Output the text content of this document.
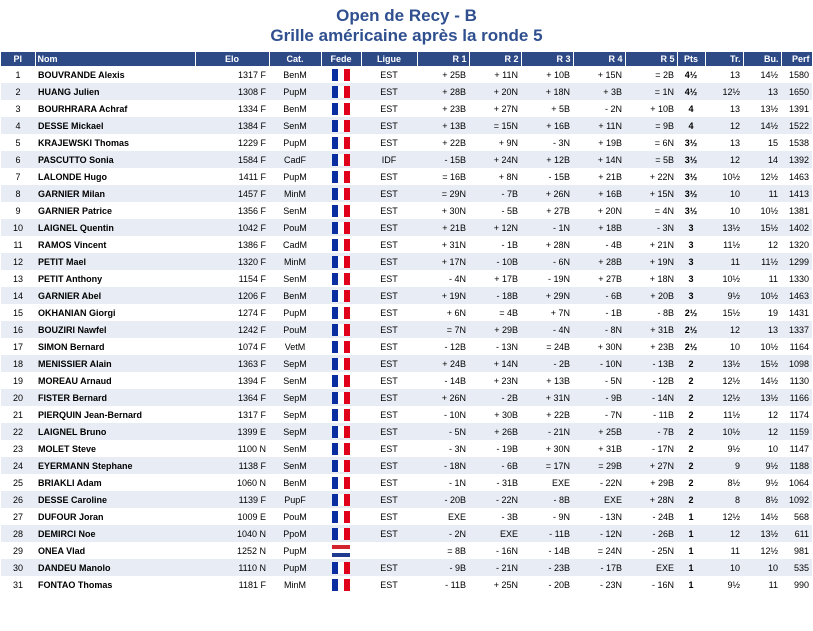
Open de Recy - B
Grille américaine après la ronde 5
Pl	Nom	Elo	Cat.	Fede	Ligue	R 1	R 2	R 3	R 4	R 5	Pts	Tr.	Bu.	Perf
1	BOUVRANDE Alexis	1317 F	BenM		EST	+ 25B	+ 11N	+ 10B	+ 15N	= 2B	4½	13	14½	1580
2	HUANG Julien	1308 F	PupM		EST	+ 28B	+ 20N	+ 18N	+ 3B	= 1N	4½	12½	13	1650
3	BOURHRARA Achraf	1334 F	BenM		EST	+ 23B	+ 27N	+ 5B	- 2N	+ 10B	4	13	13½	1391
4	DESSE Mickael	1384 F	SenM		EST	+ 13B	= 15N	+ 16B	+ 11N	= 9B	4	12	14½	1522
5	KRAJEWSKI Thomas	1229 F	PupM		EST	+ 22B	+ 9N	- 3N	+ 19B	= 6N	3½	13	15	1538
6	PASCUTTO Sonia	1584 F	CadF		IDF	- 15B	+ 24N	+ 12B	+ 14N	= 5B	3½	12	14	1392
7	LALONDE Hugo	1411 F	PupM		EST	= 16B	+ 8N	- 15B	+ 21B	+ 22N	3½	10½	12½	1463
8	GARNIER Milan	1457 F	MinM		EST	= 29N	- 7B	+ 26N	+ 16B	+ 15N	3½	10	11	1413
9	GARNIER Patrice	1356 F	SenM		EST	+ 30N	- 5B	+ 27B	+ 20N	= 4N	3½	10	10½	1381
10	LAIGNEL Quentin	1042 F	PouM		EST	+ 21B	+ 12N	- 1N	+ 18B	- 3N	3	13½	15½	1402
11	RAMOS Vincent	1386 F	CadM		EST	+ 31N	- 1B	+ 28N	- 4B	+ 21N	3	11½	12	1320
12	PETIT Mael	1320 F	MinM		EST	+ 17N	- 10B	- 6N	+ 28B	+ 19N	3	11	11½	1299
13	PETIT Anthony	1154 F	SenM		EST	- 4N	+ 17B	- 19N	+ 27B	+ 18N	3	10½	11	1330
14	GARNIER Abel	1206 F	BenM		EST	+ 19N	- 18B	+ 29N	- 6B	+ 20B	3	9½	10½	1463
15	OKHANIAN Giorgi	1274 F	PupM		EST	+ 6N	= 4B	+ 7N	- 1B	- 8B	2½	15½	19	1431
16	BOUZIRI Nawfel	1242 F	PouM		EST	= 7N	+ 29B	- 4N	- 8N	+ 31B	2½	12	13	1337
17	SIMON Bernard	1074 F	VetM		EST	- 12B	- 13N	= 24B	+ 30N	+ 23B	2½	10	10½	1164
18	MENISSIER Alain	1363 F	SepM		EST	+ 24B	+ 14N	- 2B	- 10N	- 13B	2	13½	15½	1098
19	MOREAU Arnaud	1394 F	SenM		EST	- 14B	+ 23N	+ 13B	- 5N	- 12B	2	12½	14½	1130
20	FISTER Bernard	1364 F	SepM		EST	+ 26N	- 2B	+ 31N	- 9B	- 14N	2	12½	13½	1166
21	PIERQUIN Jean-Bernard	1317 F	SepM		EST	- 10N	+ 30B	+ 22B	- 7N	- 11B	2	11½	12	1174
22	LAIGNEL Bruno	1399 E	SepM		EST	- 5N	+ 26B	- 21N	+ 25B	- 7B	2	10½	12	1159
23	MOLET Steve	1100 N	SenM		EST	- 3N	- 19B	+ 30N	+ 31B	- 17N	2	9½	10	1147
24	EYERMANN Stephane	1138 F	SenM		EST	- 18N	- 6B	= 17N	= 29B	+ 27N	2	9	9½	1188
25	BRIAKLI Adam	1060 N	BenM		EST	- 1N	- 31B	EXE	- 22N	+ 29B	2	8½	9½	1064
26	DESSE Caroline	1139 F	PupF		EST	- 20B	- 22N	- 8B	EXE	+ 28N	2	8	8½	1092
27	DUFOUR Joran	1009 E	PouM		EST	EXE	- 3B	- 9N	- 13N	- 24B	1	12½	14½	568
28	DEMIRCI Noe	1040 N	PpoM		EST	- 2N	EXE	- 11B	- 12N	- 26B	1	12	13½	611
29	ONEA Vlad	1252 N	PupM			= 8B	- 16N	- 14B	= 24N	- 25N	1	11	12½	981
30	DANDEU Manolo	1110 N	PupM		EST	- 9B	- 21N	- 23B	- 17B	EXE	1	10	10	535
31	FONTAO Thomas	1181 F	MinM		EST	- 11B	+ 25N	- 20B	- 23N	- 16N	1	9½	11	990
